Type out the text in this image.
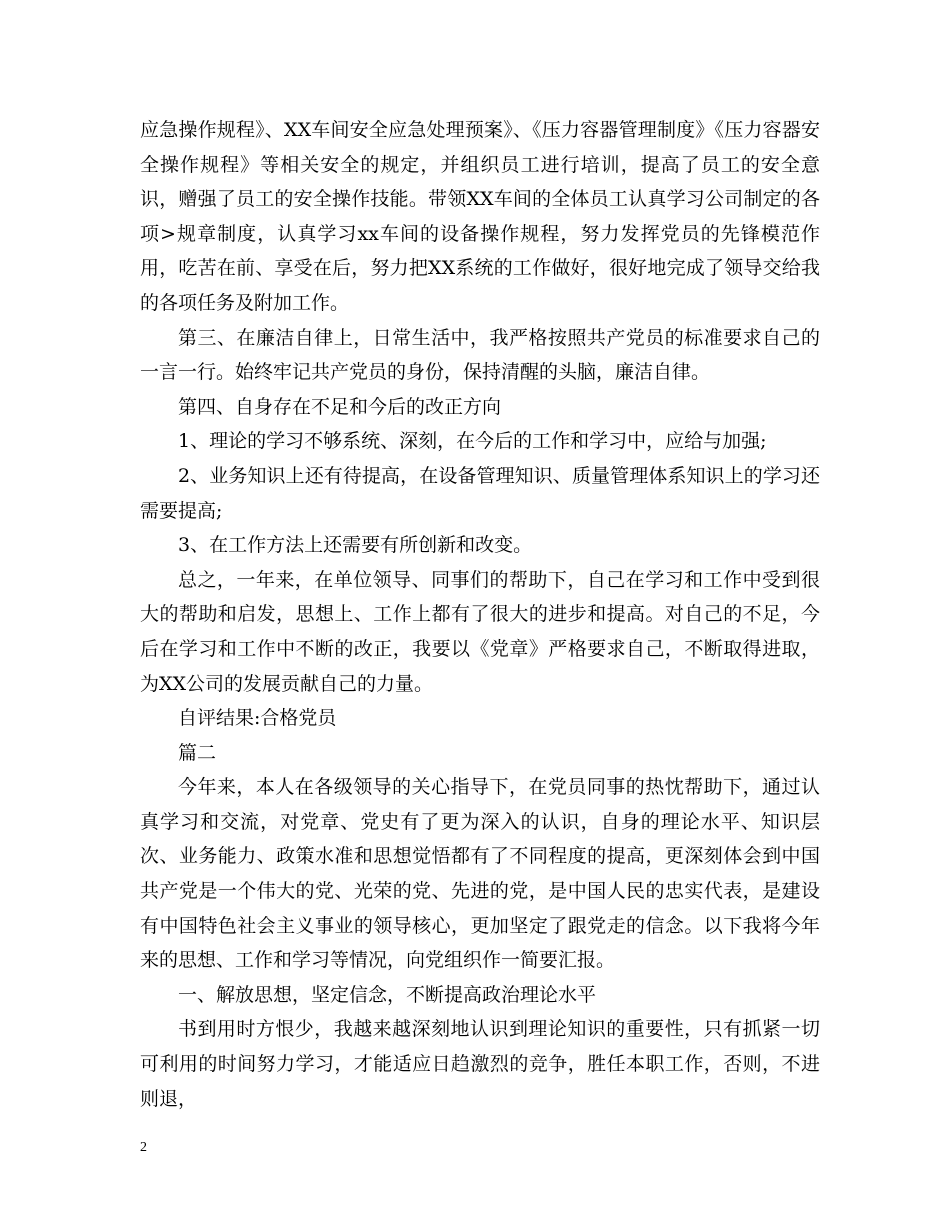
应急操作规程》、XX车间安全应急处理预案》、《压力容器管理制度》《压力容器安全操作规程》等相关安全的规定，并组织员工进行培训，提高了员工的安全意识，赠强了员工的安全操作技能。带领XX车间的全体员工认真学习公司制定的各项>规章制度，认真学习xx车间的设备操作规程，努力发挥党员的先锋模范作用，吃苦在前、享受在后，努力把XX系统的工作做好，很好地完成了领导交给我的各项任务及附加工作。

第三、在廉洁自律上，日常生活中，我严格按照共产党员的标准要求自己的一言一行。始终牢记共产党员的身份，保持清醒的头脑，廉洁自律。

第四、自身存在不足和今后的改正方向

1、理论的学习不够系统、深刻，在今后的工作和学习中，应给与加强;

2、业务知识上还有待提高，在设备管理知识、质量管理体系知识上的学习还需要提高;

3、在工作方法上还需要有所创新和改变。

总之，一年来，在单位领导、同事们的帮助下，自己在学习和工作中受到很大的帮助和启发，思想上、工作上都有了很大的进步和提高。对自己的不足，今后在学习和工作中不断的改正，我要以《党章》严格要求自己，不断取得进取，为XX公司的发展贡献自己的力量。

自评结果:合格党员

篇二

今年来，本人在各级领导的关心指导下，在党员同事的热忱帮助下，通过认真学习和交流，对党章、党史有了更为深入的认识，自身的理论水平、知识层次、业务能力、政策水准和思想觉悟都有了不同程度的提高，更深刻体会到中国共产党是一个伟大的党、光荣的党、先进的党，是中国人民的忠实代表，是建设有中国特色社会主义事业的领导核心，更加坚定了跟党走的信念。以下我将今年来的思想、工作和学习等情况，向党组织作一简要汇报。

一、解放思想，坚定信念，不断提高政治理论水平

书到用时方恨少，我越来越深刻地认识到理论知识的重要性，只有抓紧一切可利用的时间努力学习，才能适应日趋激烈的竞争，胜任本职工作，否则，不进则退，

2
